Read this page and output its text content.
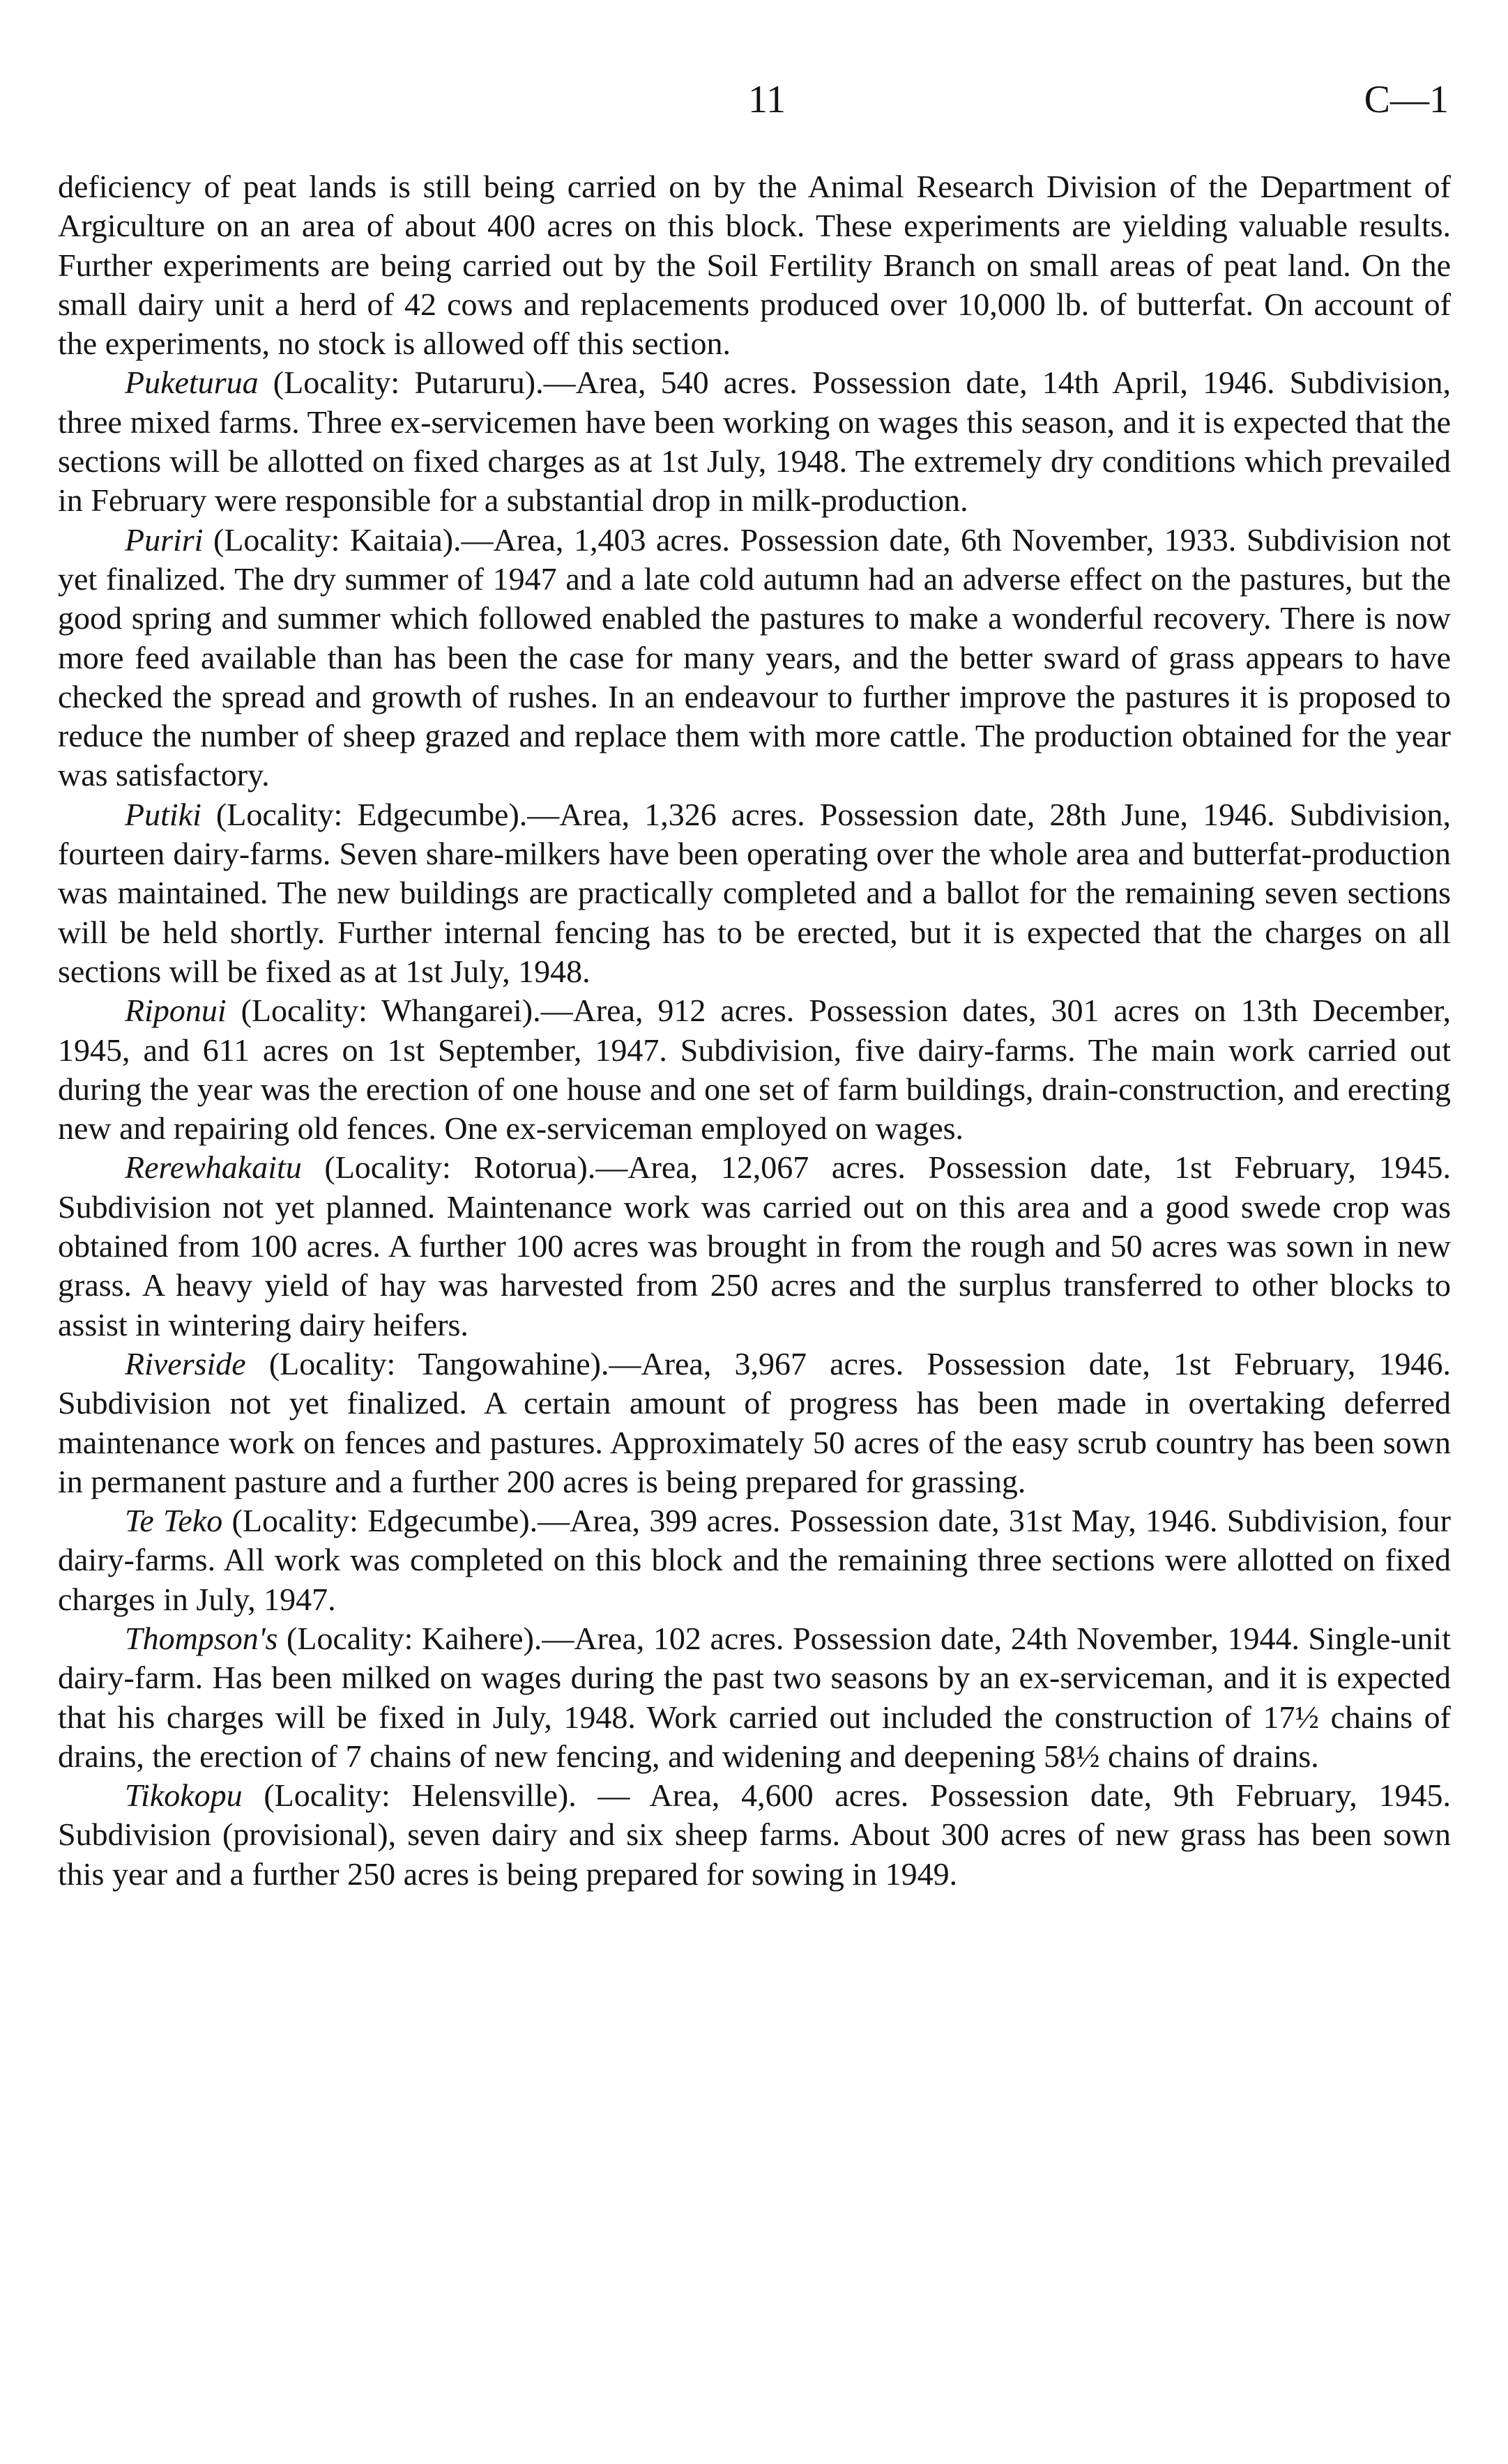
11	C—1

deficiency of peat lands is still being carried on by the Animal Research Division of the Department of Argiculture on an area of about 400 acres on this block. These experiments are yielding valuable results. Further experiments are being carried out by the Soil Fertility Branch on small areas of peat land. On the small dairy unit a herd of 42 cows and replacements produced over 10,000 lb. of butterfat. On account of the experiments, no stock is allowed off this section.

Puketurua (Locality: Putaruru).—Area, 540 acres. Possession date, 14th April, 1946. Subdivision, three mixed farms. Three ex-servicemen have been working on wages this season, and it is expected that the sections will be allotted on fixed charges as at 1st July, 1948. The extremely dry conditions which prevailed in February were responsible for a substantial drop in milk-production.

Puriri (Locality: Kaitaia).—Area, 1,403 acres. Possession date, 6th November, 1933. Subdivision not yet finalized. The dry summer of 1947 and a late cold autumn had an adverse effect on the pastures, but the good spring and summer which followed enabled the pastures to make a wonderful recovery. There is now more feed available than has been the case for many years, and the better sward of grass appears to have checked the spread and growth of rushes. In an endeavour to further improve the pastures it is proposed to reduce the number of sheep grazed and replace them with more cattle. The production obtained for the year was satisfactory.

Putiki (Locality: Edgecumbe).—Area, 1,326 acres. Possession date, 28th June, 1946. Subdivision, fourteen dairy-farms. Seven share-milkers have been operating over the whole area and butterfat-production was maintained. The new buildings are practically completed and a ballot for the remaining seven sections will be held shortly. Further internal fencing has to be erected, but it is expected that the charges on all sections will be fixed as at 1st July, 1948.

Riponui (Locality: Whangarei).—Area, 912 acres. Possession dates, 301 acres on 13th December, 1945, and 611 acres on 1st September, 1947. Subdivision, five dairy-farms. The main work carried out during the year was the erection of one house and one set of farm buildings, drain-construction, and erecting new and repairing old fences. One ex-serviceman employed on wages.

Rerewhakaitu (Locality: Rotorua).—Area, 12,067 acres. Possession date, 1st February, 1945. Subdivision not yet planned. Maintenance work was carried out on this area and a good swede crop was obtained from 100 acres. A further 100 acres was brought in from the rough and 50 acres was sown in new grass. A heavy yield of hay was harvested from 250 acres and the surplus transferred to other blocks to assist in wintering dairy heifers.

Riverside (Locality: Tangowahine).—Area, 3,967 acres. Possession date, 1st February, 1946. Subdivision not yet finalized. A certain amount of progress has been made in overtaking deferred maintenance work on fences and pastures. Approximately 50 acres of the easy scrub country has been sown in permanent pasture and a further 200 acres is being prepared for grassing.

Te Teko (Locality: Edgecumbe).—Area, 399 acres. Possession date, 31st May, 1946. Subdivision, four dairy-farms. All work was completed on this block and the remaining three sections were allotted on fixed charges in July, 1947.

Thompson's (Locality: Kaihere).—Area, 102 acres. Possession date, 24th November, 1944. Single-unit dairy-farm. Has been milked on wages during the past two seasons by an ex-serviceman, and it is expected that his charges will be fixed in July, 1948. Work carried out included the construction of 17½ chains of drains, the erection of 7 chains of new fencing, and widening and deepening 58½ chains of drains.

Tikokopu (Locality: Helensville). — Area, 4,600 acres. Possession date, 9th February, 1945. Subdivision (provisional), seven dairy and six sheep farms. About 300 acres of new grass has been sown this year and a further 250 acres is being prepared for sowing in 1949.
